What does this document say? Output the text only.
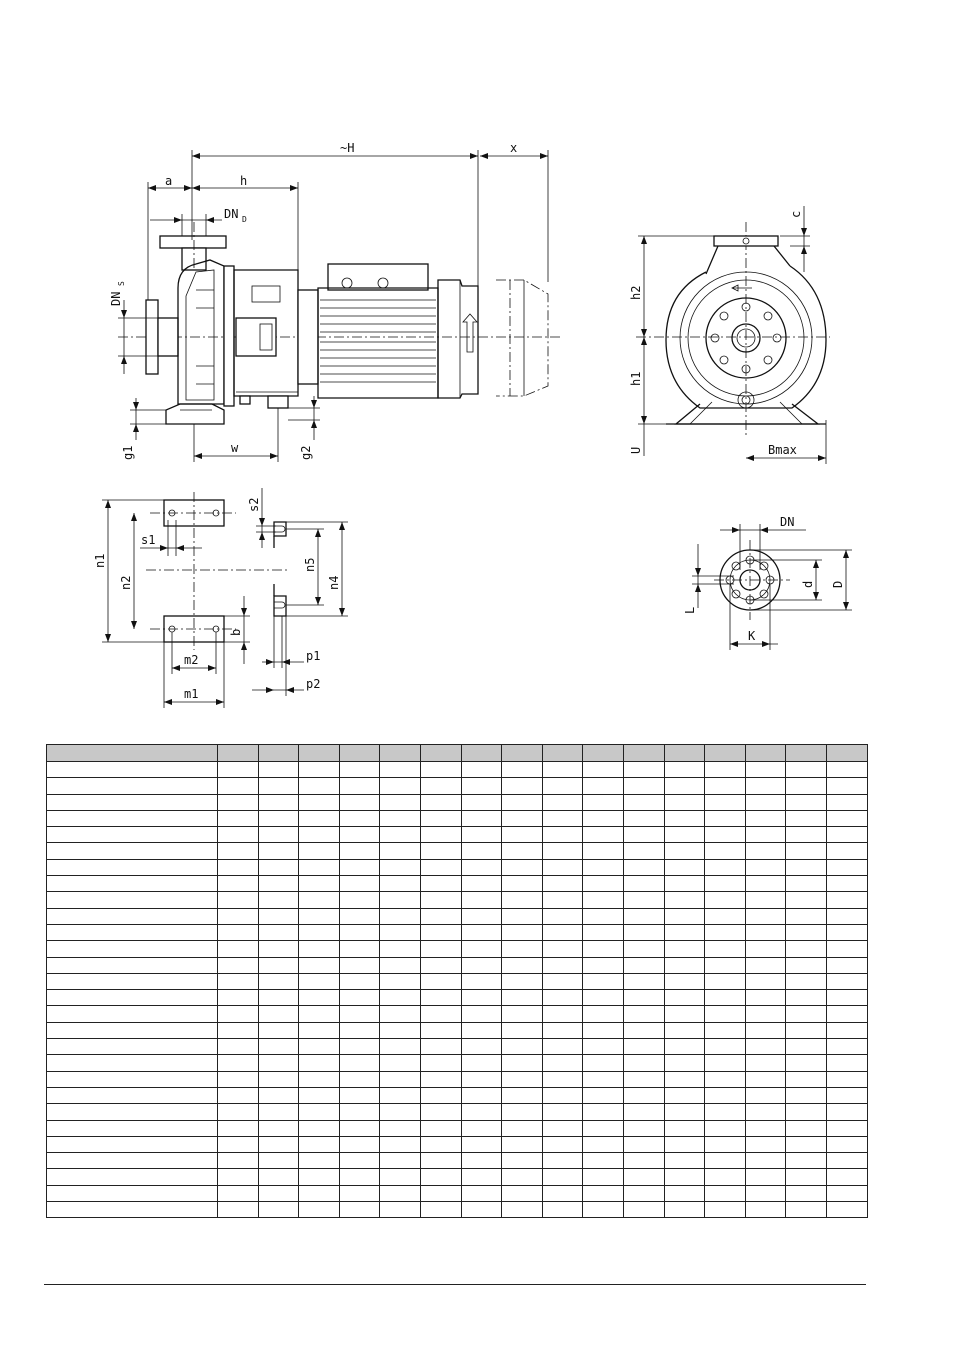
~H	x
a	h
DN D
DN
S
g1	w	g2
c
h2
h1
U	Bmax
n1
n2
s1
b
m2
m1
s2
n5
n4
p1
p2
DN
L
d D
K
